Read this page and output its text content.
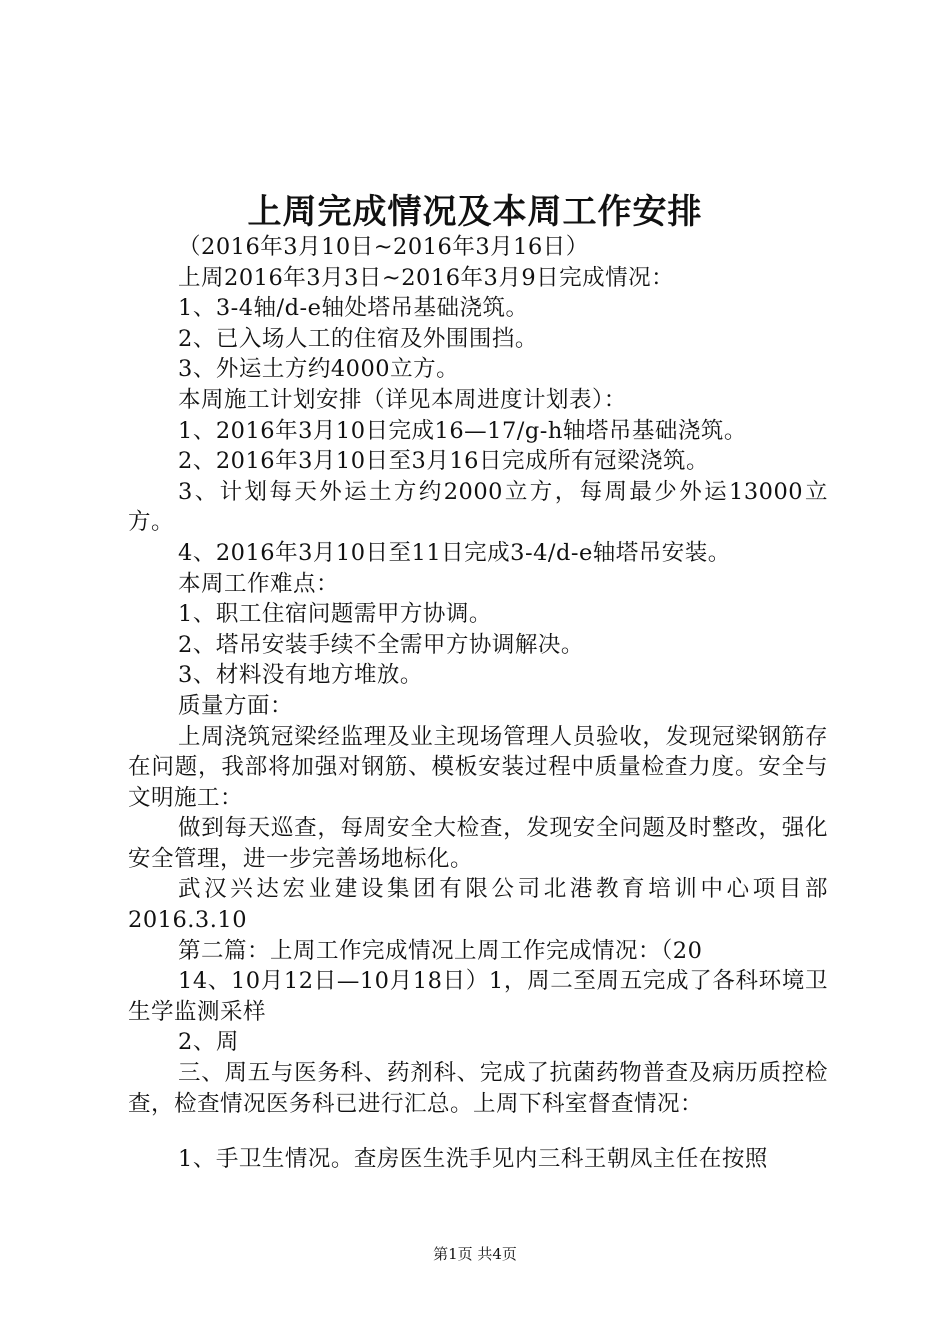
上周完成情况及本周工作安排

（2016年3月10日~2016年3月16日）

上周2016年3月3日~2016年3月9日完成情况：

1、3-4轴/d-e轴处塔吊基础浇筑。

2、已入场人工的住宿及外围围挡。

3、外运土方约4000立方。

本周施工计划安排（详见本周进度计划表）：

1、2016年3月10日完成16—17/g-h轴塔吊基础浇筑。

2、2016年3月10日至3月16日完成所有冠梁浇筑。

3、计划每天外运土方约2000立方，每周最少外运13000立方。

4、2016年3月10日至11日完成3-4/d-e轴塔吊安装。

本周工作难点：

1、职工住宿问题需甲方协调。

2、塔吊安装手续不全需甲方协调解决。

3、材料没有地方堆放。

质量方面：

上周浇筑冠梁经监理及业主现场管理人员验收，发现冠梁钢筋存在问题，我部将加强对钢筋、模板安装过程中质量检查力度。安全与文明施工：

做到每天巡查，每周安全大检查，发现安全问题及时整改，强化安全管理，进一步完善场地标化。

武汉兴达宏业建设集团有限公司北港教育培训中心项目部2016.3.10

第二篇：上周工作完成情况上周工作完成情况：（20

14、10月12日—10月18日）1，周二至周五完成了各科环境卫生学监测采样

2、周

三、周五与医务科、药剂科、完成了抗菌药物普查及病历质控检查，检查情况医务科已进行汇总。上周下科室督查情况：

1、手卫生情况。查房医生洗手见内三科王朝凤主任在按照

第1页 共4页
